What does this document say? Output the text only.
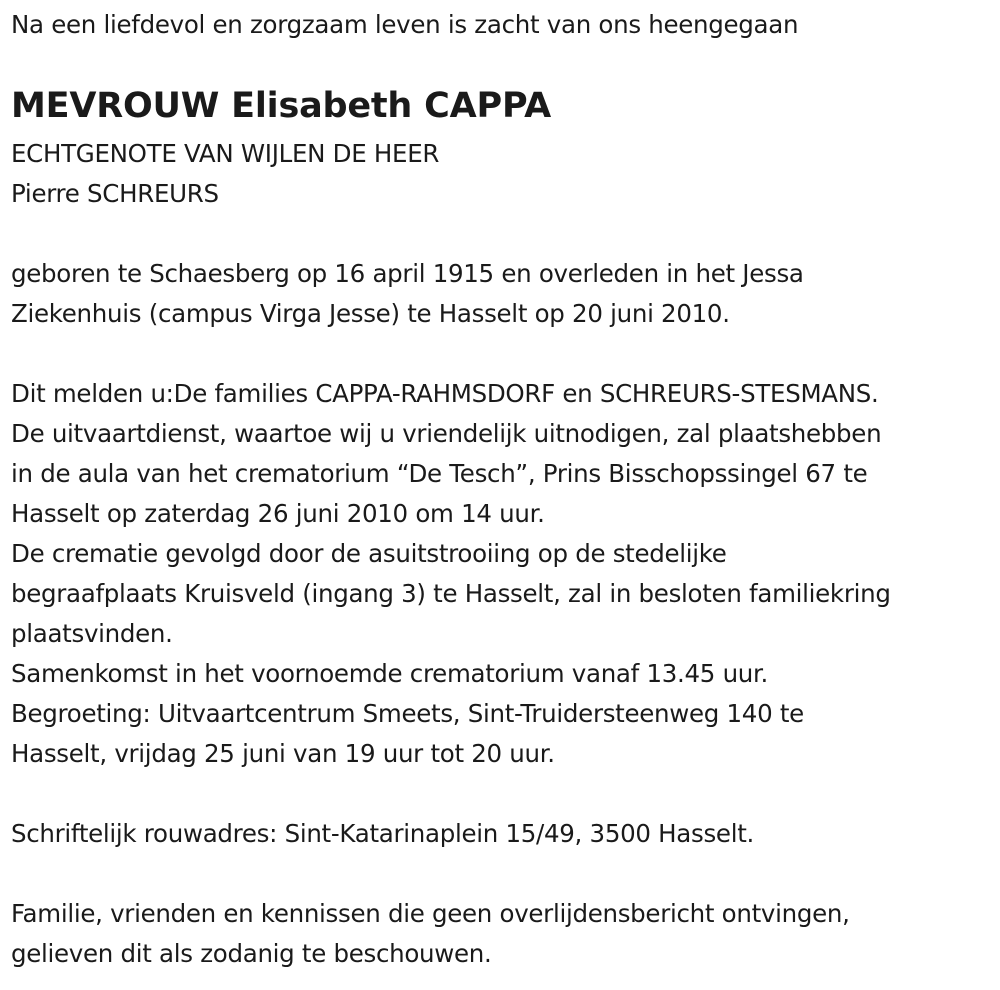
Na een liefdevol en zorgzaam leven is zacht van ons heengegaan
MEVROUW Elisabeth CAPPA
ECHTGENOTE VAN WIJLEN DE HEER
Pierre SCHREURS
geboren te Schaesberg op 16 april 1915 en overleden in het Jessa
Ziekenhuis (campus Virga Jesse) te Hasselt op 20 juni 2010.
Dit melden u:De families CAPPA-RAHMSDORF en SCHREURS-STESMANS.
De uitvaartdienst, waartoe wij u vriendelijk uitnodigen, zal plaatshebben
in de aula van het crematorium “De Tesch”, Prins Bisschopssingel 67 te
Hasselt op zaterdag 26 juni 2010 om 14 uur.
De crematie gevolgd door de asuitstrooiing op de stedelijke
begraafplaats Kruisveld (ingang 3) te Hasselt, zal in besloten familiekring
plaatsvinden.
Samenkomst in het voornoemde crematorium vanaf 13.45 uur.
Begroeting: Uitvaartcentrum Smeets, Sint-Truidersteenweg 140 te
Hasselt, vrijdag 25 juni van 19 uur tot 20 uur.
Schriftelijk rouwadres: Sint-Katarinaplein 15/49, 3500 Hasselt.
Familie, vrienden en kennissen die geen overlijdensbericht ontvingen,
gelieven dit als zodanig te beschouwen.
